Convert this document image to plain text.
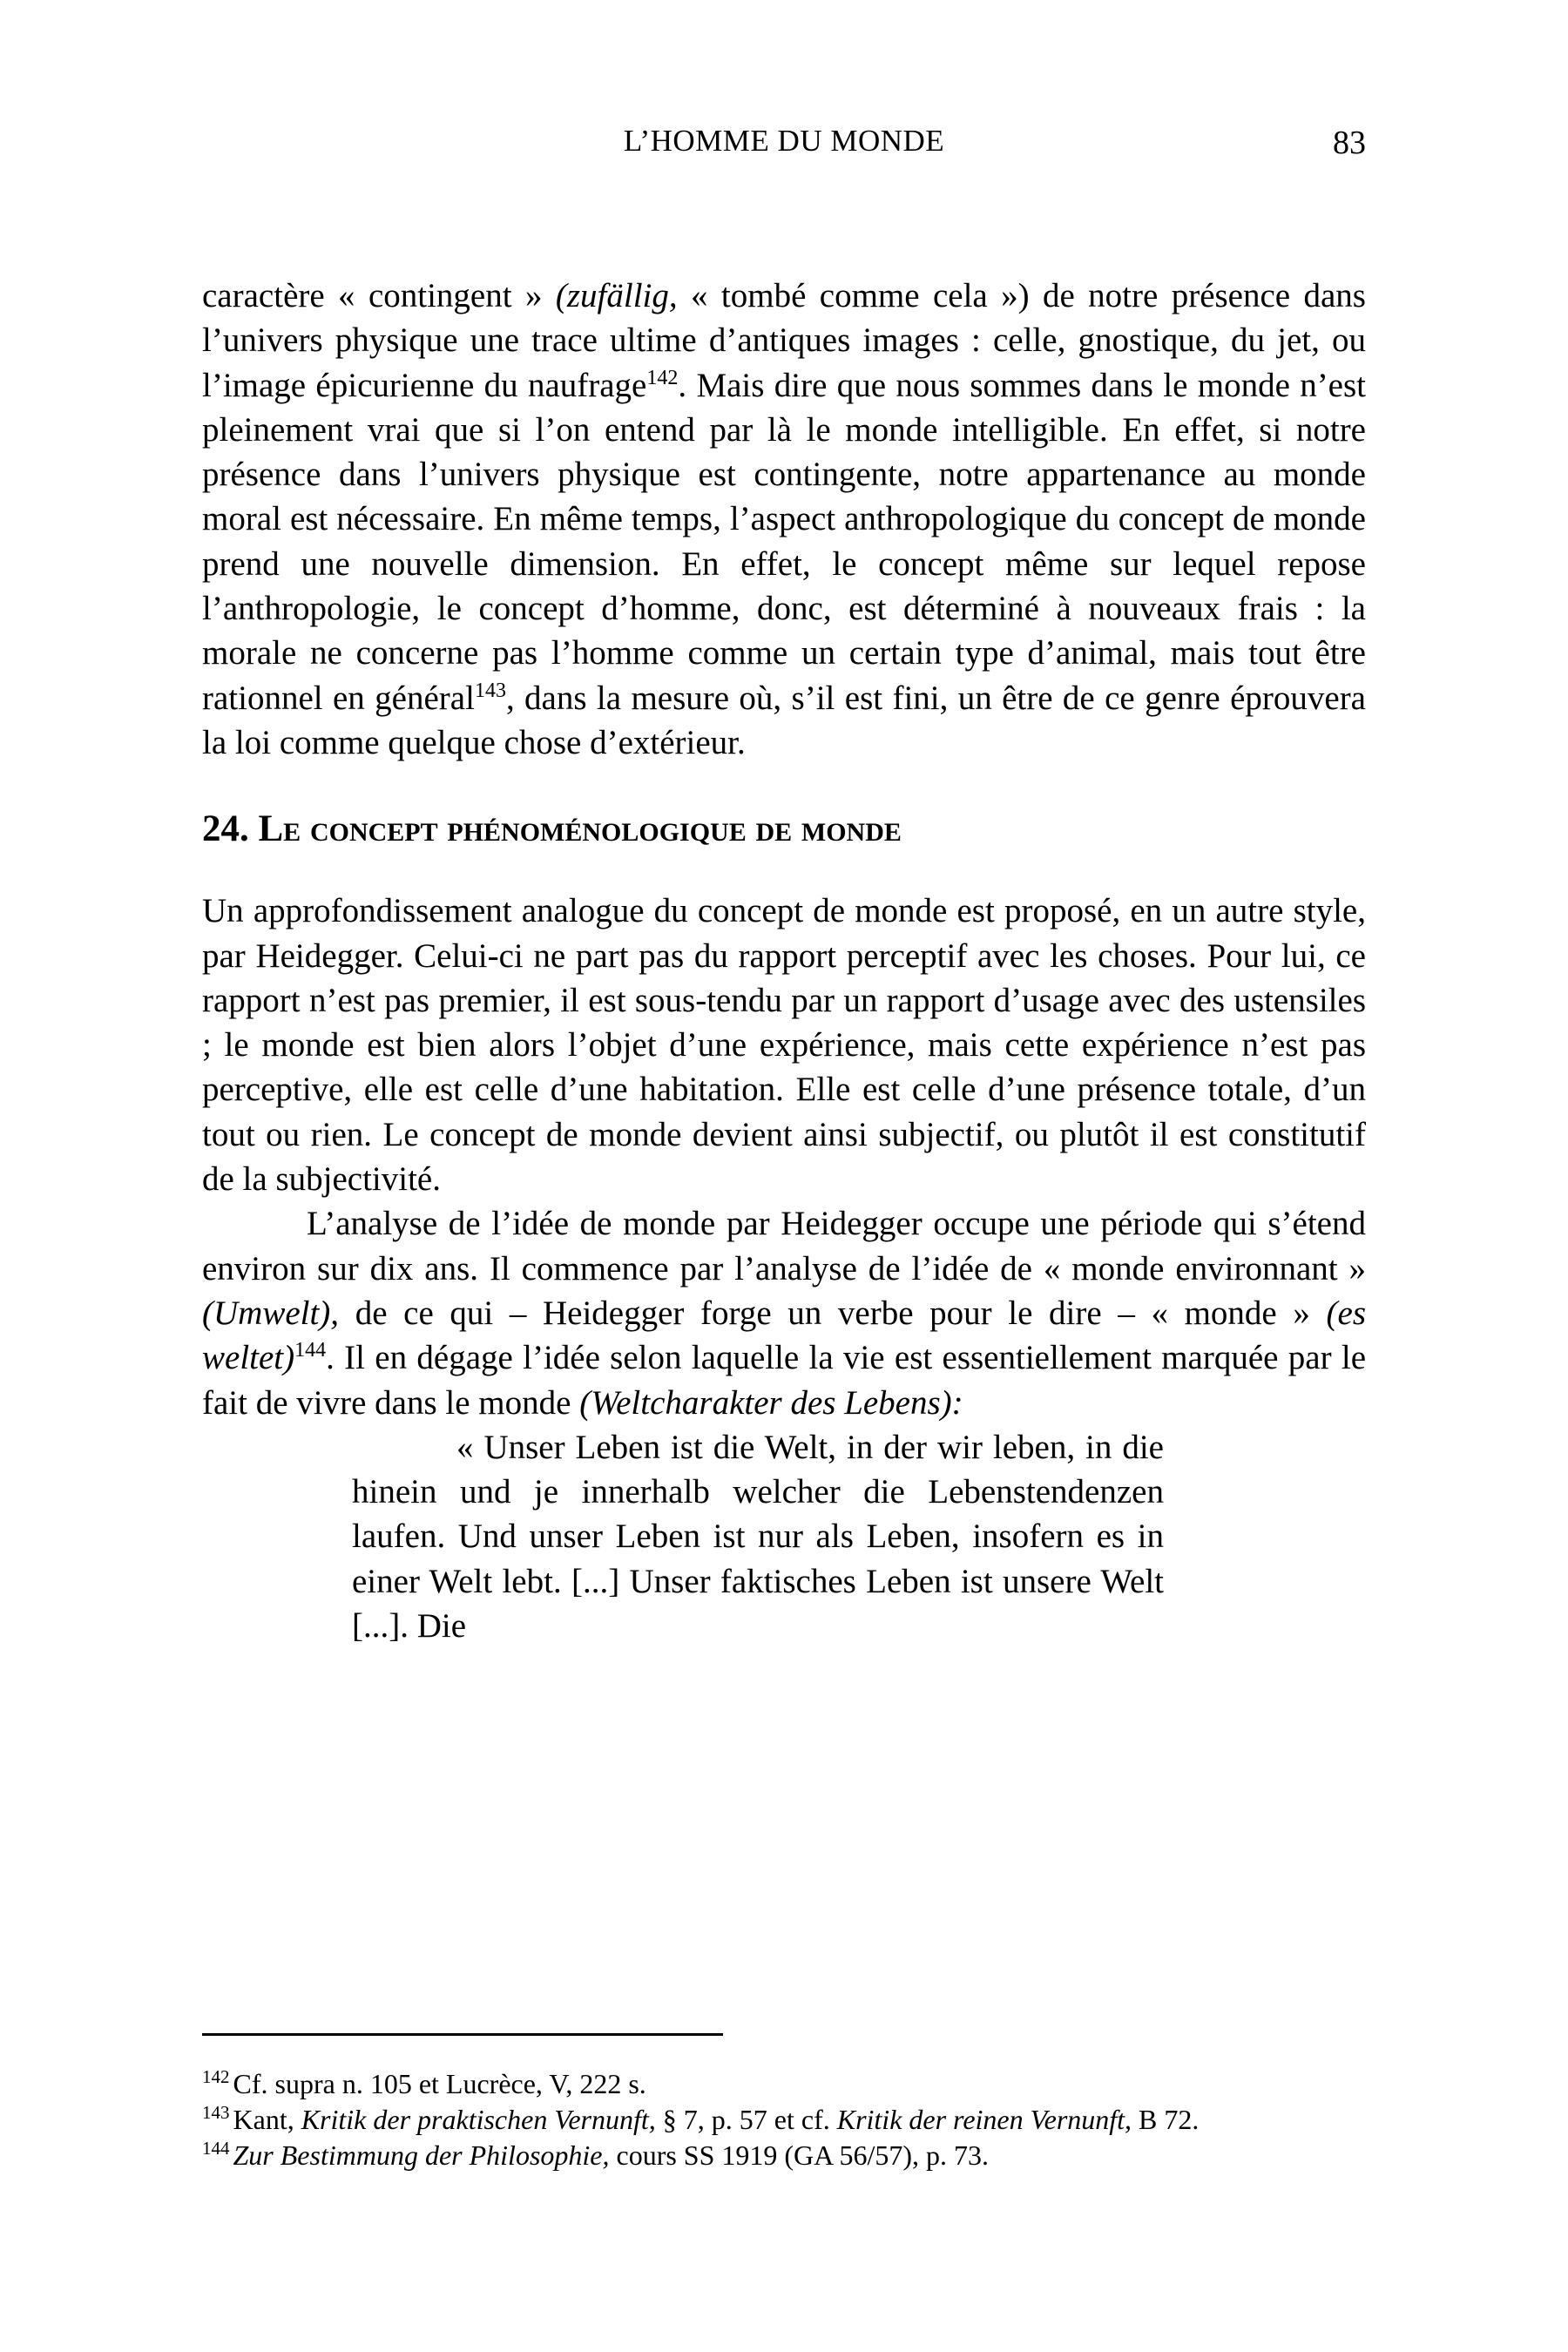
L’HOMME DU MONDE	83

caractère « contingent » (zufällig, « tombé comme cela ») de notre présence dans l’univers physique une trace ultime d’antiques images : celle, gnostique, du jet, ou l’image épicurienne du naufrage$^{142}$. Mais dire que nous sommes dans le monde n’est pleinement vrai que si l’on entend par là le monde intelligible. En effet, si notre présence dans l’univers physique est contingente, notre appartenance au monde moral est nécessaire. En même temps, l’aspect anthropologique du concept de monde prend une nouvelle dimension. En effet, le concept même sur lequel repose l’anthropologie, le concept d’homme, donc, est déterminé à nouveaux frais : la morale ne concerne pas l’homme comme un certain type d’animal, mais tout être rationnel en général$^{143}$, dans la mesure où, s’il est fini, un être de ce genre éprouvera la loi comme quelque chose d’extérieur.

24. Le concept phénoménologique de monde

Un approfondissement analogue du concept de monde est proposé, en un autre style, par Heidegger. Celui-ci ne part pas du rapport perceptif avec les choses. Pour lui, ce rapport n’est pas premier, il est sous-tendu par un rapport d’usage avec des ustensiles ; le monde est bien alors l’objet d’une expérience, mais cette expérience n’est pas perceptive, elle est celle d’une habitation. Elle est celle d’une présence totale, d’un tout ou rien. Le concept de monde devient ainsi subjectif, ou plutôt il est constitutif de la subjectivité.

L’analyse de l’idée de monde par Heidegger occupe une période qui s’étend environ sur dix ans. Il commence par l’analyse de l’idée de « monde environnant » (Umwelt), de ce qui – Heidegger forge un verbe pour le dire – « monde » (es weltet)$^{144}$. Il en dégage l’idée selon laquelle la vie est essentiellement marquée par le fait de vivre dans le monde (Weltcharakter des Lebens):

« Unser Leben ist die Welt, in der wir leben, in die hinein und je innerhalb welcher die Lebenstendenzen laufen. Und unser Leben ist nur als Leben, insofern es in einer Welt lebt. [...] Unser faktisches Leben ist unsere Welt [...]. Die

$^{142}$ Cf. supra n. 105 et Lucrèce, V, 222 s.

$^{143}$ Kant, Kritik der praktischen Vernunft, § 7, p. 57 et cf. Kritik der reinen Vernunft, B 72.

$^{144}$ Zur Bestimmung der Philosophie, cours SS 1919 (GA 56/57), p. 73.
